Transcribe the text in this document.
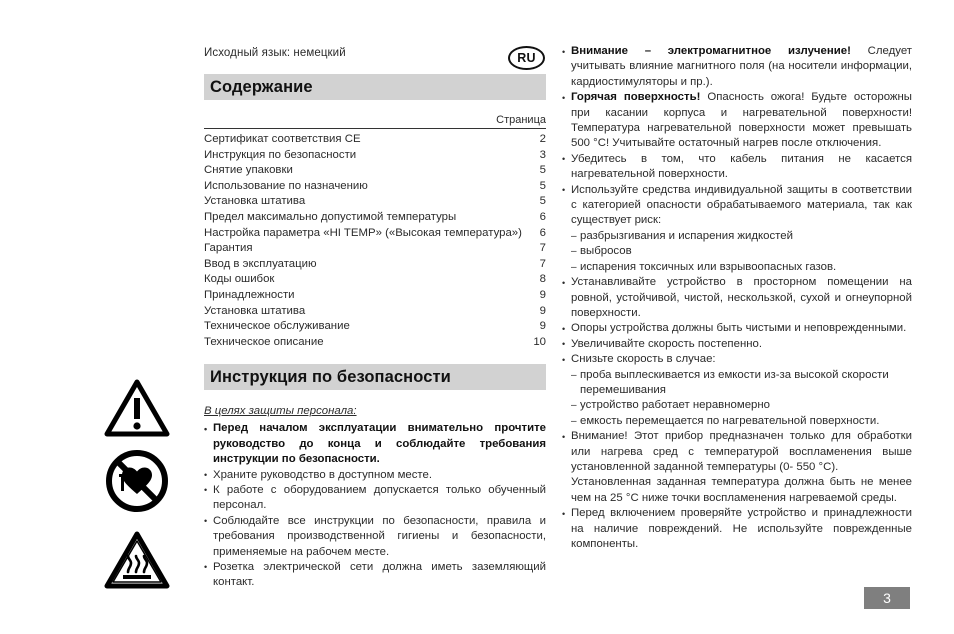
RU

Исходный язык: немецкий

Содержание
Страница
Сертификат соответствия CE	2
Инструкция по безопасности	3
Снятие упаковки	5
Использование по назначению	5
Установка штатива	5
Предел максимально допустимой температуры	6
Настройка параметра «HI TEMP» («Высокая температура»)	6
Гарантия	7
Ввод в эксплуатацию	7
Коды ошибок	8
Принадлежности	9
Установка штатива	9
Техническое обслуживание	9
Техническое описание	10
Инструкция по безопасности

В целях защиты персонала:

• Перед началом эксплуатации внимательно прочтите руководство до конца и соблюдайте требования инструкции по безопасности.
• Храните руководство в доступном месте.
• К работе с оборудованием допускается только обученный персонал.
• Соблюдайте все инструкции по безопасности, правила и требования производственной гигиены и безопасности, применяемые на рабочем месте.
• Розетка электрической сети должна иметь заземляющий контакт.
• Внимание – электромагнитное излучение! Следует учитывать влияние магнитного поля (на носители информации, кардиостимуляторы и пр.).
• Горячая поверхность! Опасность ожога! Будьте осторожны при касании корпуса и нагревательной поверхности! Температура нагревательной поверхности может превышать 500 °C! Учитывайте остаточный нагрев после отключения.
• Убедитесь в том, что кабель питания не касается нагревательной поверхности.
• Используйте средства индивидуальной защиты в соответствии с категорией опасности обрабатываемого материала, так как существует риск:
– разбрызгивания и испарения жидкостей
– выбросов
– испарения токсичных или взрывоопасных газов.
• Устанавливайте устройство в просторном помещении на ровной, устойчивой, чистой, нескользкой, сухой и огнеупорной поверхности.
• Опоры устройства должны быть чистыми и неповрежденными.
• Увеличивайте скорость постепенно.
• Снизьте скорость в случае:
– проба выплескивается из емкости из-за высокой скорости перемешивания
– устройство работает неравномерно
– емкость перемещается по нагревательной поверхности.
• Внимание! Этот прибор предназначен только для обработки или нагрева сред с температурой воспламенения выше установленной заданной температуры (0- 550 °C).

Установленная заданная температура должна быть не менее чем на 25 °C ниже точки воспламенения нагреваемой среды.

• Перед включением проверяйте устройство и принадлежности на наличие повреждений. Не используйте поврежденные компоненты.
3
